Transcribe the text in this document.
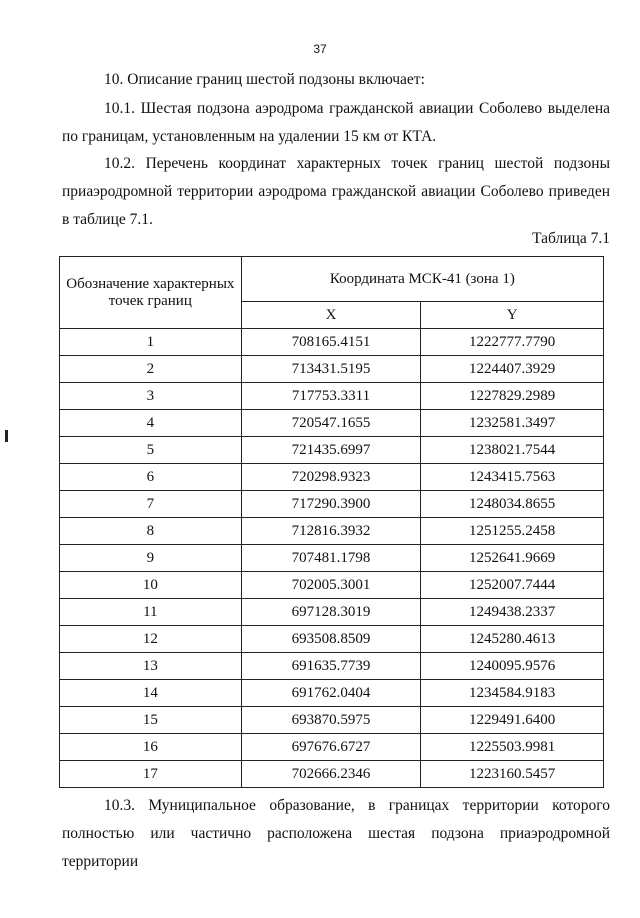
37

10. Описание границ шестой подзоны включает:

10.1. Шестая подзона аэродрома гражданской авиации Соболево выделена по границам, установленным на удалении 15 км от КТА.

10.2. Перечень координат характерных точек границ шестой подзоны приаэродромной территории аэродрома гражданской авиации Соболево приведен в таблице 7.1.

Таблица 7.1
Обозначение характерных точек границ	Координата МСК-41 (зона 1)	
	X	Y
1	708165.4151	1222777.7790
2	713431.5195	1224407.3929
3	717753.3311	1227829.2989
4	720547.1655	1232581.3497
5	721435.6997	1238021.7544
6	720298.9323	1243415.7563
7	717290.3900	1248034.8655
8	712816.3932	1251255.2458
9	707481.1798	1252641.9669
10	702005.3001	1252007.7444
11	697128.3019	1249438.2337
12	693508.8509	1245280.4613
13	691635.7739	1240095.9576
14	691762.0404	1234584.9183
15	693870.5975	1229491.6400
16	697676.6727	1225503.9981
17	702666.2346	1223160.5457

10.3. Муниципальное образование, в границах территории которого полностью или частично расположена шестая подзона приаэродромной территории
